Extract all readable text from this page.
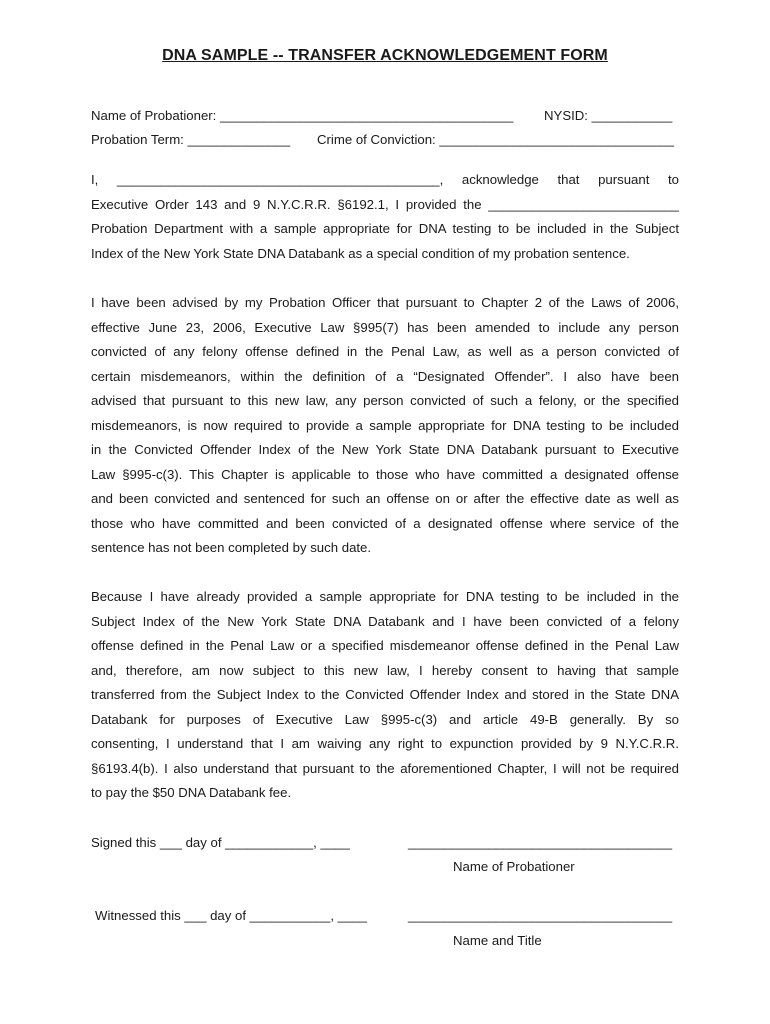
DNA SAMPLE -- TRANSFER ACKNOWLEDGEMENT FORM
Name of Probationer: ________________________________________ NYSID: ___________
Probation Term: ______________ Crime of Conviction: ________________________________
I, ____________________________________________, acknowledge that pursuant to
Executive Order 143 and 9 N.Y.C.R.R. §6192.1, I provided the __________________________
Probation Department with a sample appropriate for DNA testing to be included in the Subject
Index of the New York State DNA Databank as a special condition of my probation sentence.
I have been advised by my Probation Officer that pursuant to Chapter 2 of the Laws of 2006,
effective June 23, 2006, Executive Law §995(7) has been amended to include any person
convicted of any felony offense defined in the Penal Law, as well as a person convicted of
certain misdemeanors, within the definition of a “Designated Offender”. I also have been
advised that pursuant to this new law, any person convicted of such a felony, or the specified
misdemeanors, is now required to provide a sample appropriate for DNA testing to be included
in the Convicted Offender Index of the New York State DNA Databank pursuant to Executive
Law §995-c(3). This Chapter is applicable to those who have committed a designated offense
and been convicted and sentenced for such an offense on or after the effective date as well as
those who have committed and been convicted of a designated offense where service of the
sentence has not been completed by such date.
Because I have already provided a sample appropriate for DNA testing to be included in the
Subject Index of the New York State DNA Databank and I have been convicted of a felony
offense defined in the Penal Law or a specified misdemeanor offense defined in the Penal Law
and, therefore, am now subject to this new law, I hereby consent to having that sample
transferred from the Subject Index to the Convicted Offender Index and stored in the State DNA
Databank for purposes of Executive Law §995-c(3) and article 49-B generally. By so
consenting, I understand that I am waiving any right to expunction provided by 9 N.Y.C.R.R.
§6193.4(b). I also understand that pursuant to the aforementioned Chapter, I will not be required
to pay the $50 DNA Databank fee.
Signed this ___ day of ____________, ____	____________________________________
Name of Probationer
Witnessed this ___ day of ___________, ____	____________________________________
Name and Title
